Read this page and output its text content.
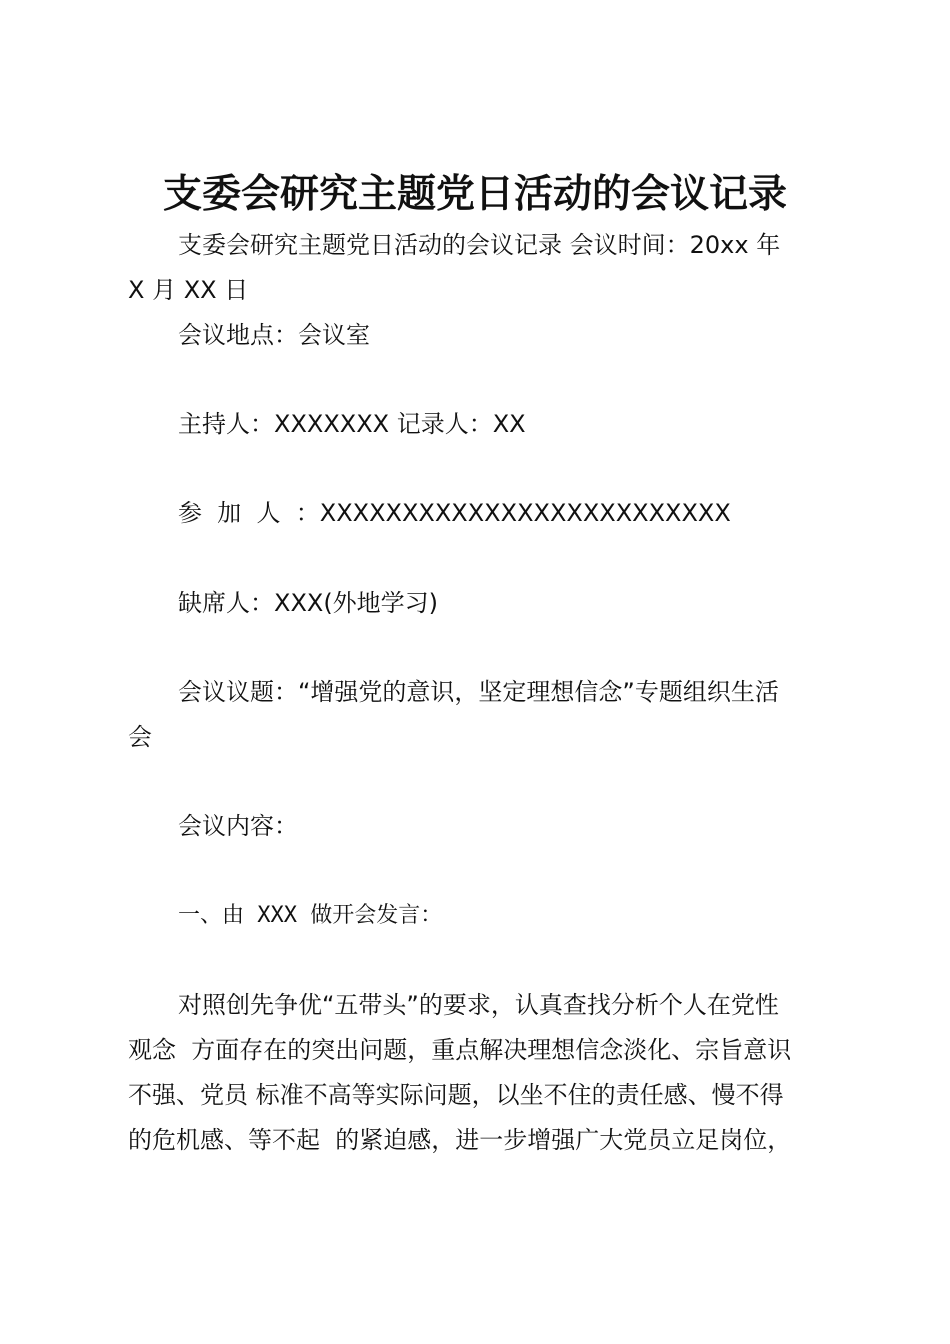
支委会研究主题党日活动的会议记录
支委会研究主题党日活动的会议记录 会议时间：20xx 年
X 月 XX 日
会议地点：会议室
主持人：XXXXXXX 记录人：XX
参  加  人  ：XXXXXXXXXXXXXXXXXXXXXXXXX
缺席人：XXX(外地学习)
会议议题：“增强党的意识，坚定理想信念”专题组织生活
会
会议内容：
一、由 XXX 做开会发言：
对照创先争优“五带头”的要求，认真查找分析个人在党性
观念  方面存在的突出问题，重点解决理想信念淡化、宗旨意识
不强、党员 标准不高等实际问题，以坐不住的责任感、慢不得
的危机感、等不起  的紧迫感，进一步增强广大党员立足岗位，
